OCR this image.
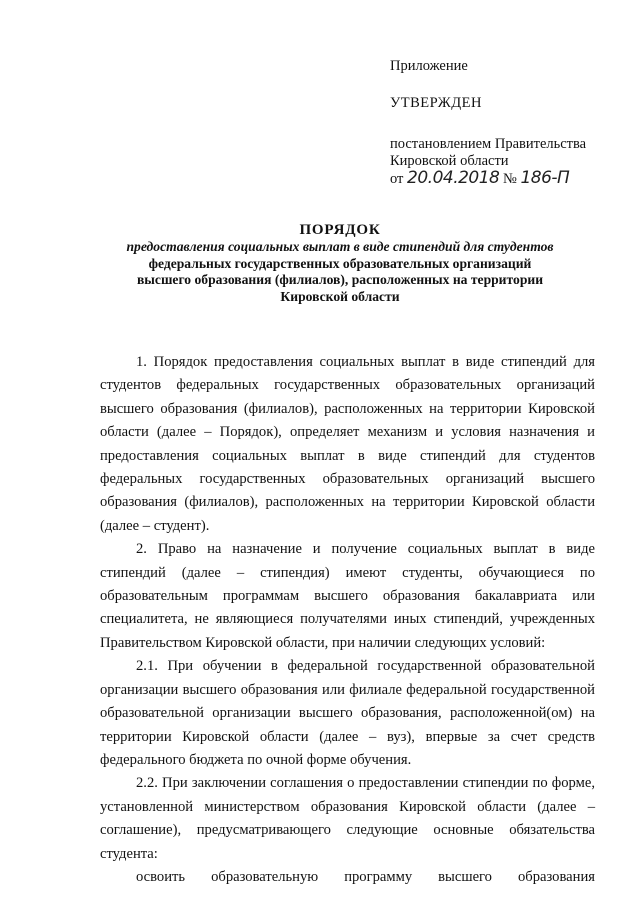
Приложение
УТВЕРЖДЕН
постановлением Правительства
Кировской области
от 20.04.2018 № 186-П
ПОРЯДОК
предоставления социальных выплат в виде стипендий для студентов
федеральных государственных образовательных организаций
высшего образования (филиалов), расположенных на территории
Кировской области

1. Порядок предоставления социальных выплат в виде стипендий для студентов федеральных государственных образовательных организаций высшего образования (филиалов), расположенных на территории Кировской области (далее – Порядок), определяет механизм и условия назначения и предоставления социальных выплат в виде стипендий для студентов федеральных государственных образовательных организаций высшего образования (филиалов), расположенных на территории Кировской области (далее – студент).

2. Право на назначение и получение социальных выплат в виде стипендий (далее – стипендия) имеют студенты, обучающиеся по образовательным программам высшего образования бакалавриата или специалитета, не являющиеся получателями иных стипендий, учрежденных Правительством Кировской области, при наличии следующих условий:

2.1. При обучении в федеральной государственной образовательной организации высшего образования или филиале федеральной государственной образовательной организации высшего образования, расположенной(ом) на территории Кировской области (далее – вуз), впервые за счет средств федерального бюджета по очной форме обучения.

2.2. При заключении соглашения о предоставлении стипендии по форме, установленной министерством образования Кировской области (далее – соглашение), предусматривающего следующие основные обязательства студента:

освоить образовательную программу высшего образования
